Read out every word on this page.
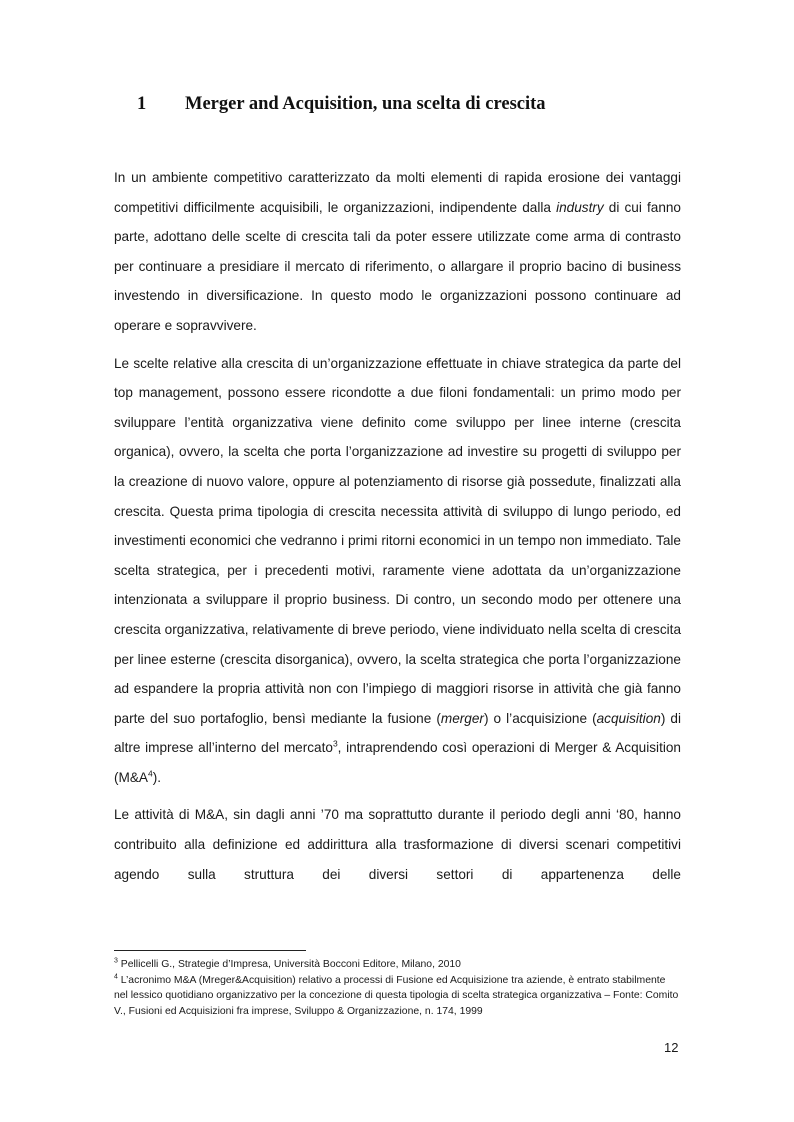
1 Merger and Acquisition, una scelta di crescita

In un ambiente competitivo caratterizzato da molti elementi di rapida erosione dei vantaggi competitivi difficilmente acquisibili, le organizzazioni, indipendente dalla industry di cui fanno parte, adottano delle scelte di crescita tali da poter essere utilizzate come arma di contrasto per continuare a presidiare il mercato di riferimento, o allargare il proprio bacino di business investendo in diversificazione. In questo modo le organizzazioni possono continuare ad operare e sopravvivere.

Le scelte relative alla crescita di un’organizzazione effettuate in chiave strategica da parte del top management, possono essere ricondotte a due filoni fondamentali: un primo modo per sviluppare l’entità organizzativa viene definito come sviluppo per linee interne (crescita organica), ovvero, la scelta che porta l’organizzazione ad investire su progetti di sviluppo per la creazione di nuovo valore, oppure al potenziamento di risorse già possedute, finalizzati alla crescita. Questa prima tipologia di crescita necessita attività di sviluppo di lungo periodo, ed investimenti economici che vedranno i primi ritorni economici in un tempo non immediato. Tale scelta strategica, per i precedenti motivi, raramente viene adottata da un’organizzazione intenzionata a sviluppare il proprio business. Di contro, un secondo modo per ottenere una crescita organizzativa, relativamente di breve periodo, viene individuato nella scelta di crescita per linee esterne (crescita disorganica), ovvero, la scelta strategica che porta l’organizzazione ad espandere la propria attività non con l’impiego di maggiori risorse in attività che già fanno parte del suo portafoglio, bensì mediante la fusione (merger) o l’acquisizione (acquisition) di altre imprese all’interno del mercato$^3$, intraprendendo così operazioni di Merger & Acquisition $(M\&A^4)$.

Le attività di M&A, sin dagli anni ’70 ma soprattutto durante il periodo degli anni ‘80, hanno contribuito alla definizione ed addirittura alla trasformazione di diversi scenari competitivi agendo sulla struttura dei diversi settori di appartenenza delle

$^3$ Pellicelli G., Strategie d’Impresa, Università Bocconi Editore, Milano, 2010

$^4$ L’acronimo M&A (Mreger&Acquisition) relativo a processi di Fusione ed Acquisizione tra aziende, è entrato stabilmente nel lessico quotidiano organizzativo per la concezione di questa tipologia di scelta strategica organizzativa – Fonte: Comito V., Fusioni ed Acquisizioni fra imprese, Sviluppo & Organizzazione, n. 174, 1999

12
